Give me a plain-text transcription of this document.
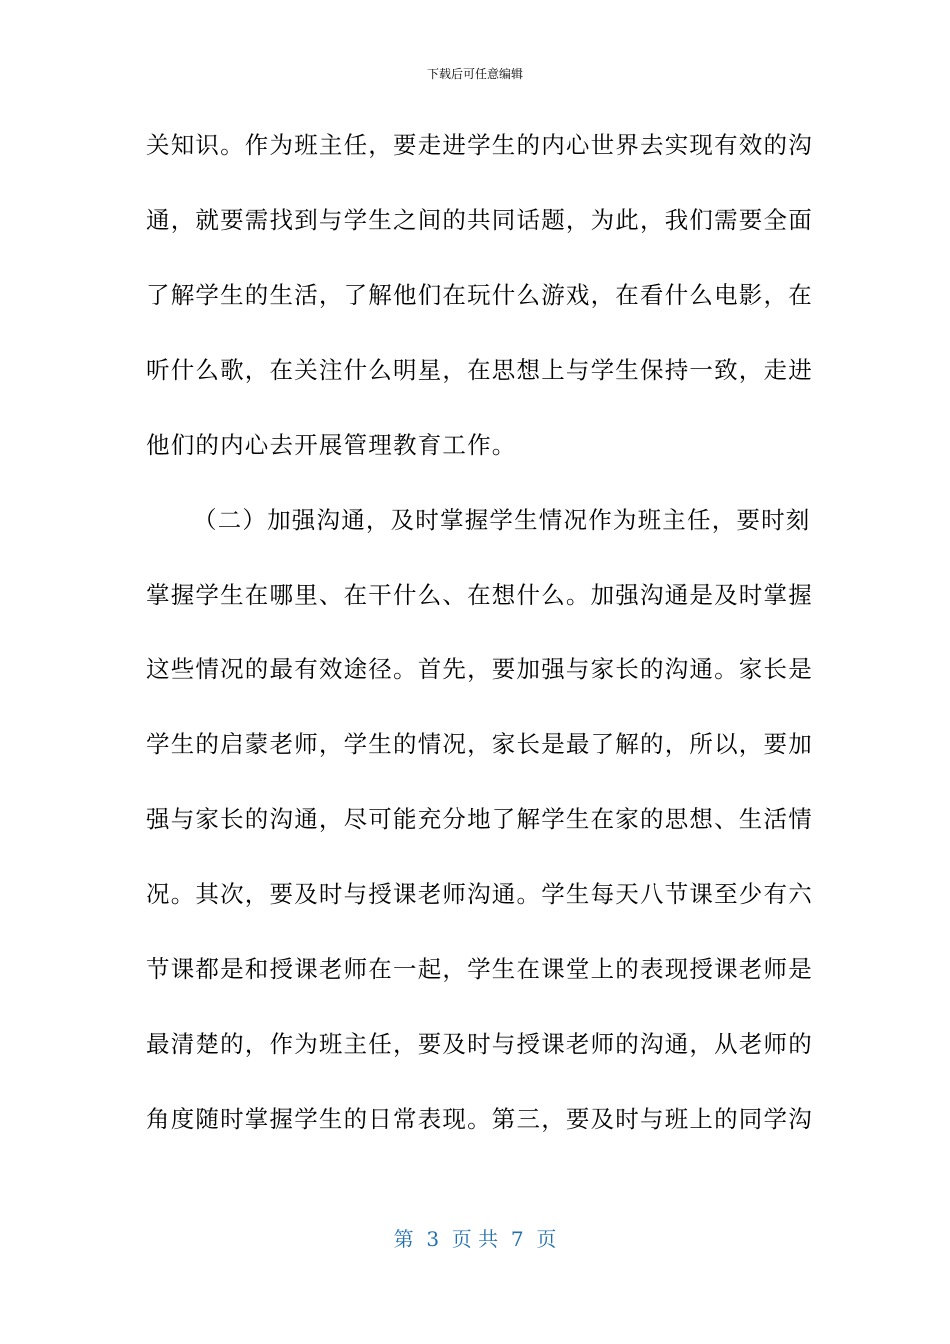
下载后可任意编辑
关知识。作为班主任，要走进学生的内心世界去实现有效的沟
通，就要需找到与学生之间的共同话题，为此，我们需要全面
了解学生的生活，了解他们在玩什么游戏，在看什么电影，在
听什么歌，在关注什么明星，在思想上与学生保持一致，走进
他们的内心去开展管理教育工作。
（二）加强沟通，及时掌握学生情况作为班主任，要时刻
掌握学生在哪里、在干什么、在想什么。加强沟通是及时掌握
这些情况的最有效途径。首先，要加强与家长的沟通。家长是
学生的启蒙老师，学生的情况，家长是最了解的，所以，要加
强与家长的沟通，尽可能充分地了解学生在家的思想、生活情
况。其次，要及时与授课老师沟通。学生每天八节课至少有六
节课都是和授课老师在一起，学生在课堂上的表现授课老师是
最清楚的，作为班主任，要及时与授课老师的沟通，从老师的
角度随时掌握学生的日常表现。第三，要及时与班上的同学沟
第  3  页 共  7  页
